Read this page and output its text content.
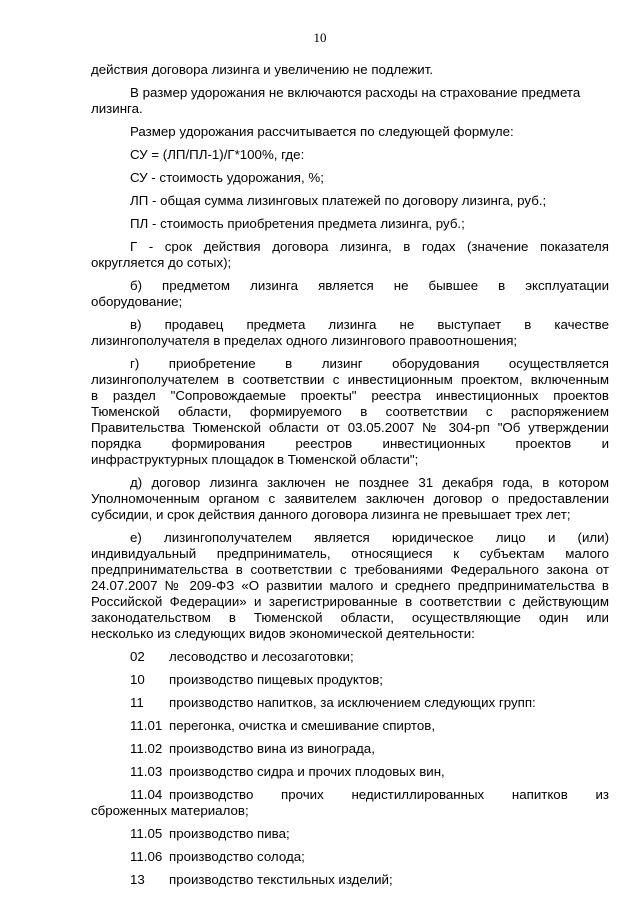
10
действия договора лизинга и увеличению не подлежит.
В размер удорожания не включаются расходы на страхование предмета
лизинга.
Размер удорожания рассчитывается по следующей формуле:
СУ = (ЛП/ПЛ-1)/Г*100%, где:
СУ - стоимость удорожания, %;
ЛП - общая сумма лизинговых платежей по договору лизинга, руб.;
ПЛ - стоимость приобретения предмета лизинга, руб.;
Г - срок действия договора лизинга, в годах (значение показателя
округляется до сотых);
б) предметом лизинга является не бывшее в эксплуатации
оборудование;
в) продавец предмета лизинга не выступает в качестве
лизингополучателя в пределах одного лизингового правоотношения;
г) приобретение в лизинг оборудования осуществляется
лизингополучателем в соответствии с инвестиционным проектом, включенным
в раздел "Сопровождаемые проекты" реестра инвестиционных проектов
Тюменской области, формируемого в соответствии с распоряжением
Правительства Тюменской области от 03.05.2007 № 304-рп "Об утверждении
порядка формирования реестров инвестиционных проектов и
инфраструктурных площадок в Тюменской области";
д) договор лизинга заключен не позднее 31 декабря года, в котором
Уполномоченным органом с заявителем заключен договор о предоставлении
субсидии, и срок действия данного договора лизинга не превышает трех лет;
е) лизингополучателем является юридическое лицо и (или)
индивидуальный предприниматель, относящиеся к субъектам малого
предпринимательства в соответствии с требованиями Федерального закона от
24.07.2007 № 209-ФЗ «О развитии малого и среднего предпринимательства в
Российской Федерации» и зарегистрированные в соответствии с действующим
законодательством в Тюменской области, осуществляющие один или
несколько из следующих видов экономической деятельности:
02 лесоводство и лесозаготовки;
10 производство пищевых продуктов;
11 производство напитков, за исключением следующих групп:
11.01 перегонка, очистка и смешивание спиртов,
11.02 производство вина из винограда,
11.03 производство сидра и прочих плодовых вин,
11.04 производство прочих недистиллированных напитков из
сброженных материалов;
11.05 производство пива;
11.06 производство солода;
13 производство текстильных изделий;
